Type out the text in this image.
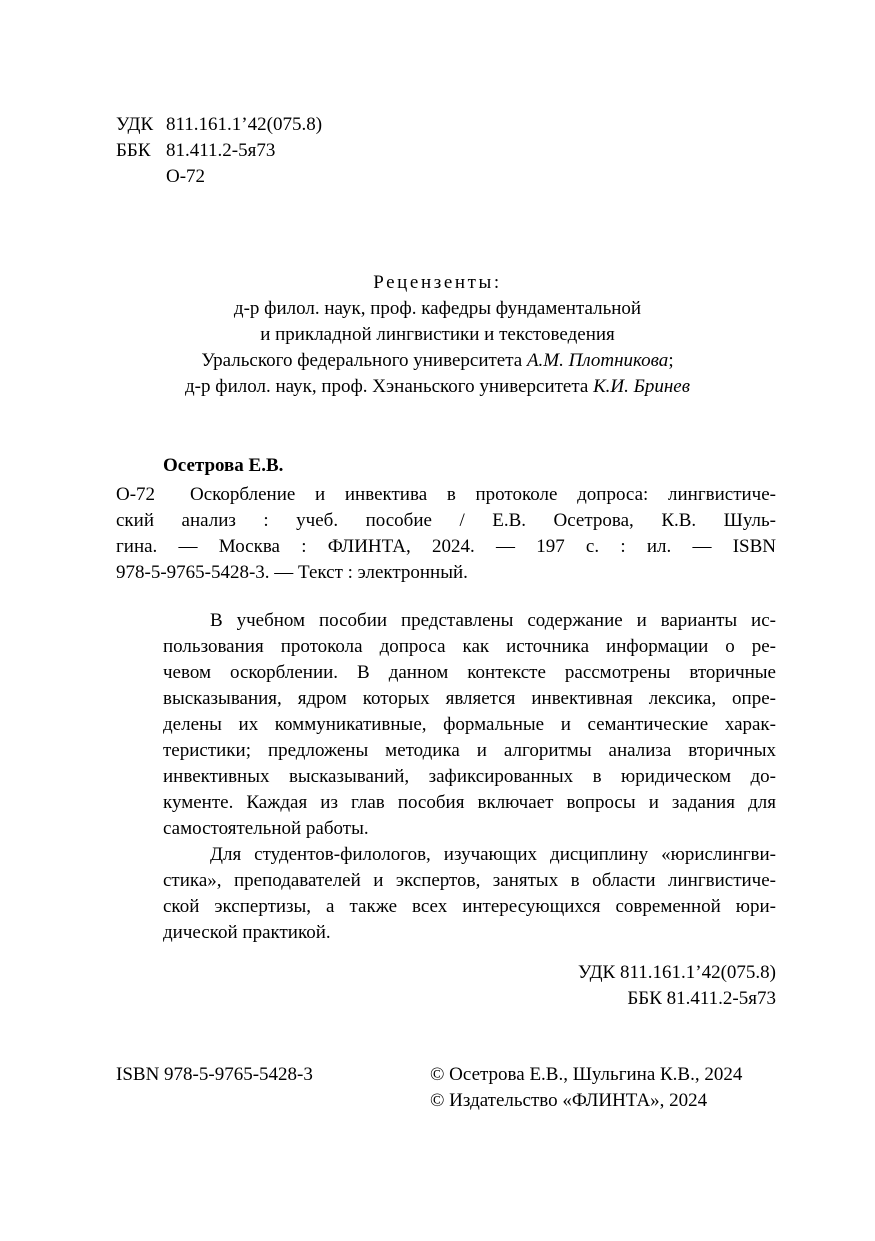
УДК 811.161.1’42(075.8)
ББК 81.411.2-5я73
О-72
Рецензенты:
д-р филол. наук, проф. кафедры фундаментальной
и прикладной лингвистики и текстоведения
Уральского федерального университета А.М. Плотникова;
д-р филол. наук, проф. Хэнаньского университета К.И. Бринев
Осетрова Е.В.
О-72 Оскорбление и инвектива в протоколе допроса: лингвистиче-
ский анализ : учеб. пособие / Е.В. Осетрова, К.В. Шуль-
гина. — Москва : ФЛИНТА, 2024. — 197 с. : ил. — ISBN
978-5-9765-5428-3. — Текст : электронный.
В учебном пособии представлены содержание и варианты ис-
пользования протокола допроса как источника информации о ре-
чевом оскорблении. В данном контексте рассмотрены вторичные
высказывания, ядром которых является инвективная лексика, опре-
делены их коммуникативные, формальные и семантические харак-
теристики; предложены методика и алгоритмы анализа вторичных
инвективных высказываний, зафиксированных в юридическом до-
кументе. Каждая из глав пособия включает вопросы и задания для
самостоятельной работы.
Для студентов-филологов, изучающих дисциплину «юрислингви-
стика», преподавателей и экспертов, занятых в области лингвистиче-
ской экспертизы, а также всех интересующихся современной юри-
дической практикой.
УДК 811.161.1’42(075.8)
ББК 81.411.2-5я73
ISBN 978-5-9765-5428-3	© Осетрова Е.В., Шульгина К.В., 2024
© Издательство «ФЛИНТА», 2024
